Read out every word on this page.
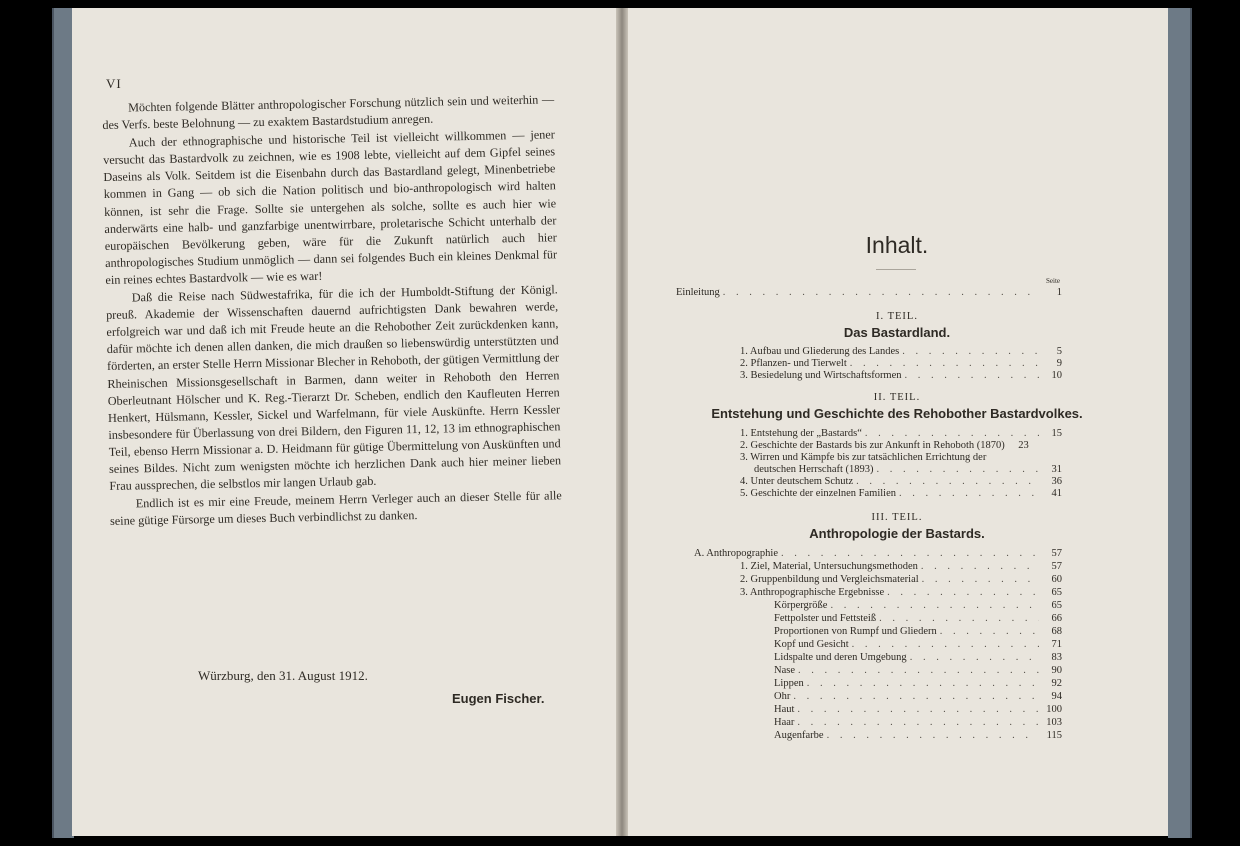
VI

Möchten folgende Blätter anthropologischer Forschung nützlich sein und weiterhin — des Verfs. beste Belohnung — zu exaktem Bastardstudium anregen.

Auch der ethnographische und historische Teil ist vielleicht willkommen — jener versucht das Bastardvolk zu zeichnen, wie es 1908 lebte, vielleicht auf dem Gipfel seines Daseins als Volk. Seitdem ist die Eisenbahn durch das Bastardland gelegt, Minenbetriebe kommen in Gang — ob sich die Nation politisch und bio-anthropologisch wird halten können, ist sehr die Frage. Sollte sie untergehen als solche, sollte es auch hier wie anderwärts eine halb- und ganzfarbige unentwirrbare, proletarische Schicht unterhalb der europäischen Bevölkerung geben, wäre für die Zukunft natürlich auch hier anthropologisches Studium unmöglich — dann sei folgendes Buch ein kleines Denkmal für ein reines echtes Bastardvolk — wie es war!

Daß die Reise nach Südwestafrika, für die ich der Humboldt-Stiftung der Königl. preuß. Akademie der Wissenschaften dauernd aufrichtigsten Dank bewahren werde, erfolgreich war und daß ich mit Freude heute an die Rehobother Zeit zurückdenken kann, dafür möchte ich denen allen danken, die mich draußen so liebenswürdig unterstützten und förderten, an erster Stelle Herrn Missionar Blecher in Rehoboth, der gütigen Vermittlung der Rheinischen Missionsgesellschaft in Barmen, dann weiter in Rehoboth den Herren Oberleutnant Hölscher und K. Reg.-Tierarzt Dr. Scheben, endlich den Kaufleuten Herren Henkert, Hülsmann, Kessler, Sickel und Warfelmann, für viele Auskünfte. Herrn Kessler insbesondere für Überlassung von drei Bildern, den Figuren 11, 12, 13 im ethnographischen Teil, ebenso Herrn Missionar a. D. Heidmann für gütige Übermittelung von Auskünften und seines Bildes. Nicht zum wenigsten möchte ich herzlichen Dank auch hier meiner lieben Frau aussprechen, die selbstlos mir langen Urlaub gab.

Endlich ist es mir eine Freude, meinem Herrn Verleger auch an dieser Stelle für alle seine gütige Fürsorge um dieses Buch verbindlichst zu danken.

Würzburg, den 31. August 1912.
Eugen Fischer.
Inhalt.
Seite
Einleitung . . .	1
I. TEIL.
Das Bastardland.
1. Aufbau und Gliederung des Landes . . .	5
2. Pflanzen- und Tierwelt . . .	9
3. Besiedelung und Wirtschaftsformen . . .	10
II. TEIL.
Entstehung und Geschichte des Rehobother Bastardvolkes.
1. Entstehung der „Bastards“ . . .	15
2. Geschichte der Bastards bis zur Ankunft in Rehoboth (1870)	23
3. Wirren und Kämpfe bis zur tatsächlichen Errichtung der
deutschen Herrschaft (1893) . . .	31
4. Unter deutschem Schutz . . .	36
5. Geschichte der einzelnen Familien . . .	41
III. TEIL.
Anthropologie der Bastards.
A. Anthropographie . . .	57
1. Ziel, Material, Untersuchungsmethoden . . .	57
2. Gruppenbildung und Vergleichsmaterial . . .	60
3. Anthropographische Ergebnisse . . .	65
Körpergröße . . .	65
Fettpolster und Fettsteiß . . .	66
Proportionen von Rumpf und Gliedern . . .	68
Kopf und Gesicht . . .	71
Lidspalte und deren Umgebung . . .	83
Nase . . .	90
Lippen . . .	92
Ohr . . .	94
Haut . . .	100
Haar . . .	103
Augenfarbe . . .	115
